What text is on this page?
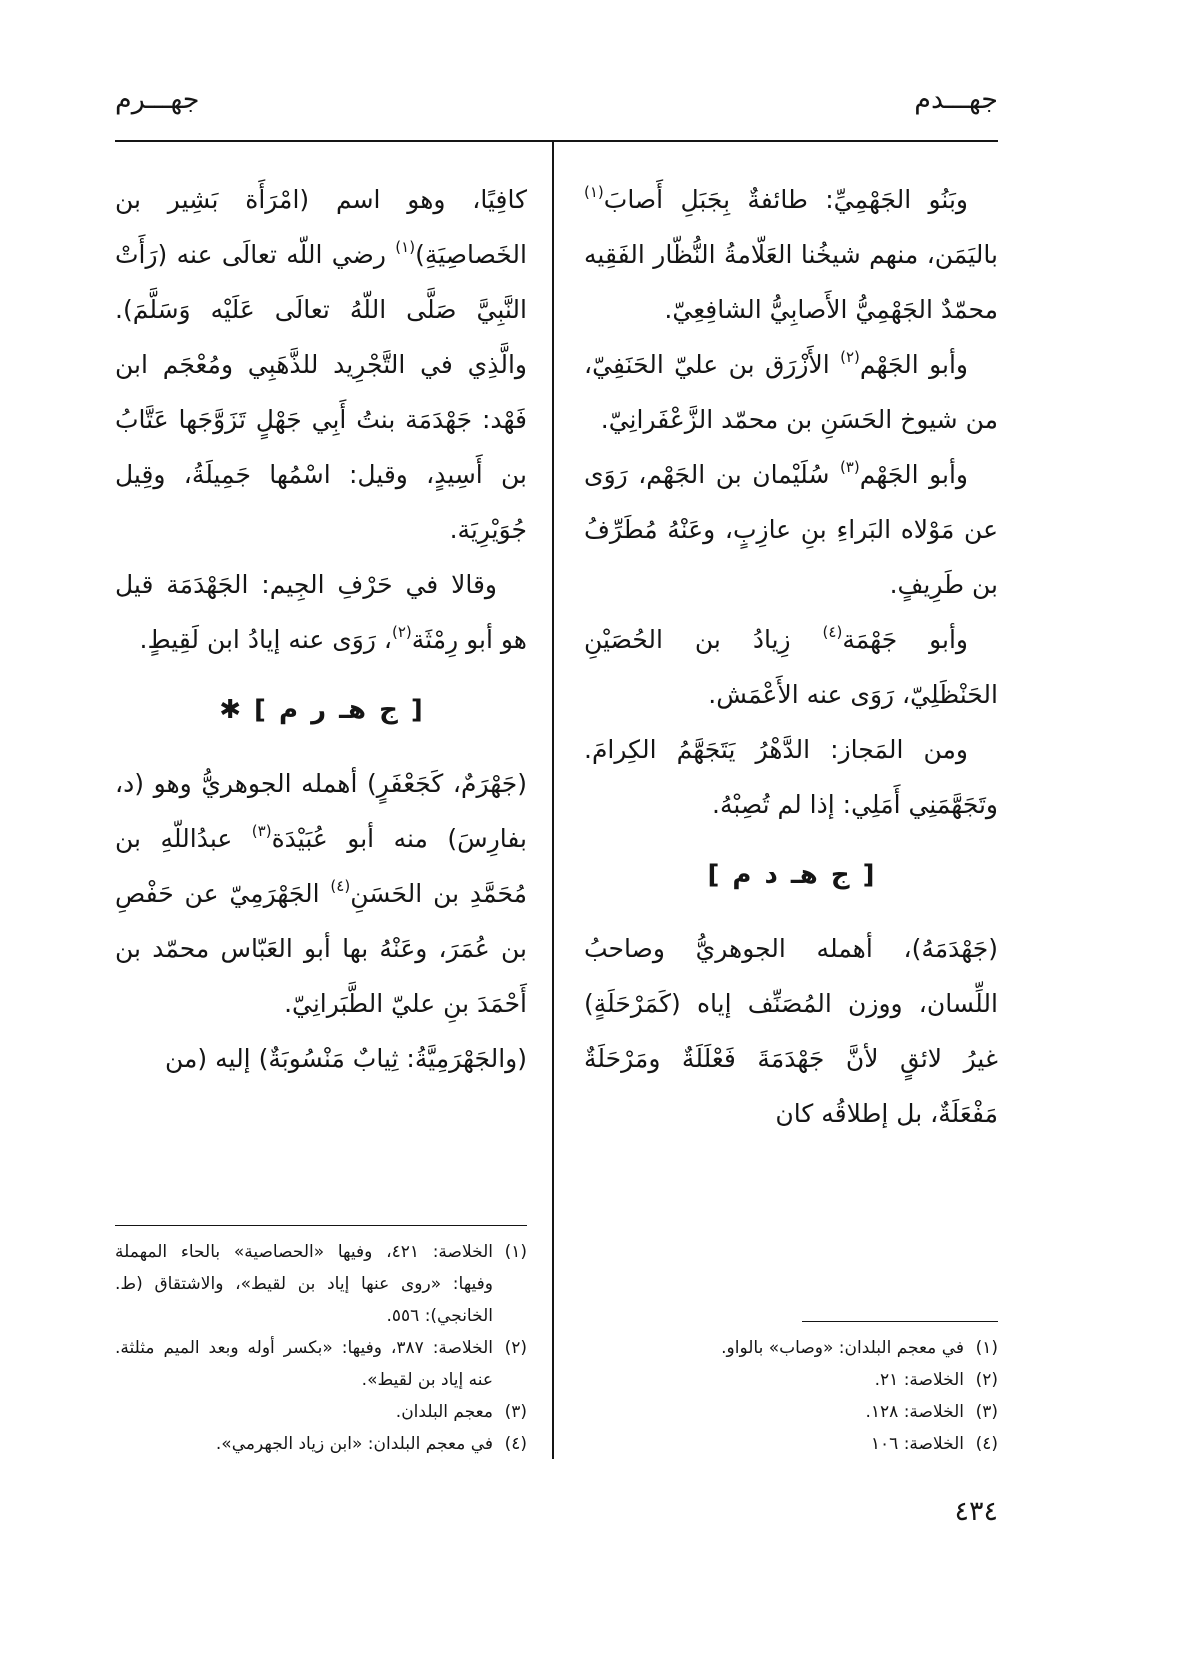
جهـــدم
جهـــرم

وبَنُو الجَهْمِيِّ: طائفةٌ بِجَبَلِ أَصابَ$^{(١)}$ باليَمَن، منهم شيخُنا العَلّامةُ النُّظّار الفَقِيه محمّدٌ الجَهْمِيُّ الأَصابِيُّ الشافِعِيّ.

وأبو الجَهْم$^{(٢)}$ الأَزْرَق بن عليّ الحَنَفِيّ، من شيوخ الحَسَنِ بن محمّد الزَّعْفَرانِيّ.

وأبو الجَهْم$^{(٣)}$ سُلَيْمان بن الجَهْم، رَوَى عن مَوْلاه البَراءِ بنِ عازِبٍ، وعَنْهُ مُطَرِّفُ بن طَرِيفٍ.

وأبو جَهْمَة$^{(٤)}$ زِيادُ بن الحُصَيْنِ الحَنْظَلِيّ، رَوَى عنه الأَعْمَش.

ومن المَجاز: الدَّهْرُ يَتَجَهَّمُ الكِرامَ. وتَجَهَّمَنِي أَمَلِي: إذا لم تُصِبْهُ.

[ ج هـ د م ]

(جَهْدَمَهُ)، أهمله الجوهريُّ وصاحبُ اللِّسان، ووزن المُصَنِّف إياه (كَمَرْحَلَةٍ) غيرُ لائقٍ لأنَّ جَهْدَمَةَ فَعْلَلَةٌ ومَرْحَلَةٌ مَفْعَلَةٌ، بل إطلاقُه كان

(١)
في معجم البلدان: «وصاب» بالواو.
(٢)
الخلاصة: ٢١.
(٣)
الخلاصة: ١٢٨.
(٤)
الخلاصة: ١٠٦

كافِيًا، وهو اسم (امْرَأَة بَشِير بن الخَصاصِيَةِ)$^{(١)}$ رضي اللّه تعالَى عنه (رَأَتْ النَّبِيَّ صَلَّى اللّهُ تعالَى عَلَيْه وَسَلَّمَ). والَّذِي في التَّجْرِيد للذَّهَبِي ومُعْجَم ابن فَهْد: جَهْدَمَة بنتُ أَبِي جَهْلٍ تَزَوَّجَها عَتَّابُ بن أَسِيدٍ، وقيل: اسْمُها جَمِيلَةُ، وقِيل جُوَيْرِيَة.

وقالا في حَرْفِ الجِيم: الجَهْدَمَة قيل هو أبو رِمْثَة$^{(٢)}$، رَوَى عنه إيادُ ابن لَقِيطٍ.

[ ج هـ ر م ] ✱

(جَهْرَمٌ، كَجَعْفَرٍ) أهمله الجوهريُّ وهو (د، بفارِسَ) منه أبو عُبَيْدَة$^{(٣)}$ عبدُاللّهِ بن مُحَمَّدِ بن الحَسَنِ$^{(٤)}$ الجَهْرَمِيّ عن حَفْصِ بن عُمَرَ، وعَنْهُ بها أبو العَبّاس محمّد بن أَحْمَدَ بنِ عليّ الطَّبَرانِيّ.

(والجَهْرَمِيَّةُ: ثِيابٌ مَنْسُوبَةٌ) إليه (من

(١)
الخلاصة: ٤٢١، وفيها «الحصاصية» بالحاء المهملة وفيها: «روى عنها إياد بن لقيط»، والاشتقاق (ط. الخانجي): ٥٥٦.
(٢)
الخلاصة: ٣٨٧، وفيها: «بكسر أوله وبعد الميم مثلثة. عنه إياد بن لقيط».
(٣)
معجم البلدان.
(٤)
في معجم البلدان: «ابن زياد الجهرمي».
٤٣٤
